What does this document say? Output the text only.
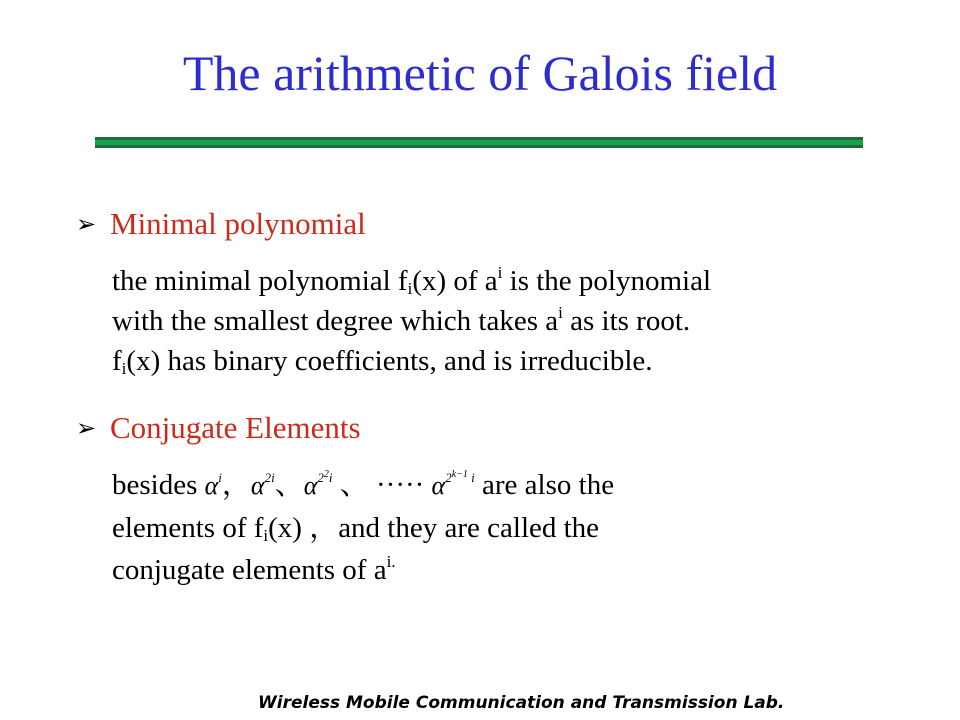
The arithmetic of Galois field
➢ Minimal polynomial
the minimal polynomial $f_i(x)$ of $a^i$ is the polynomial
with the smallest degree which takes $a^i$ as its root.
$f_i(x)$ has binary coefficients, and is irreducible.
➢ Conjugate Elements
besides $\alpha^i$，$\alpha^{2i}$、$\alpha^{2^2i}$ 、 ····· $\alpha^{2^{k-1} i}$ are also the
elements of $f_i(x)$ ，and they are called the
conjugate elements of $a^{i.}$
Wireless Mobile Communication and Transmission Lab.
